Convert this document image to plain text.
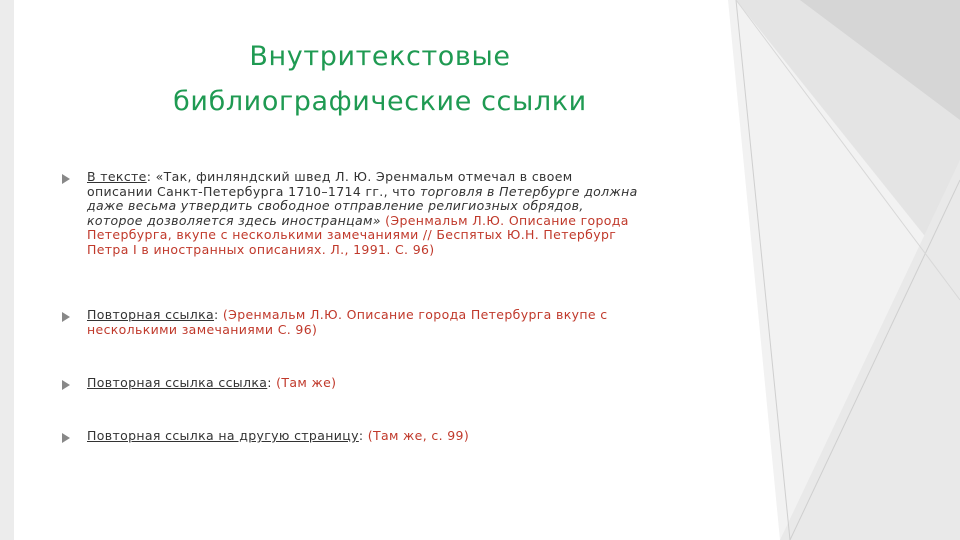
Внутритекстовые
библиографические ссылки
В тексте: «Так, финляндский швед Л. Ю. Эренмальм отмечал в своем
описании Санкт-Петербурга 1710–1714 гг., что торговля в Петербурге должна
даже весьма утвердить свободное отправление религиозных обрядов,
которое дозволяется здесь иностранцам» (Эренмальм Л.Ю. Описание города
Петербурга, вкупе с несколькими замечаниями // Беспятых Ю.Н. Петербург
Петра I в иностранных описаниях. Л., 1991. С. 96)
Повторная ссылка: (Эренмальм Л.Ю. Описание города Петербурга вкупе с
несколькими замечаниями С. 96)
Повторная ссылка ссылка: (Там же)
Повторная ссылка на другую страницу: (Там же, с. 99)
